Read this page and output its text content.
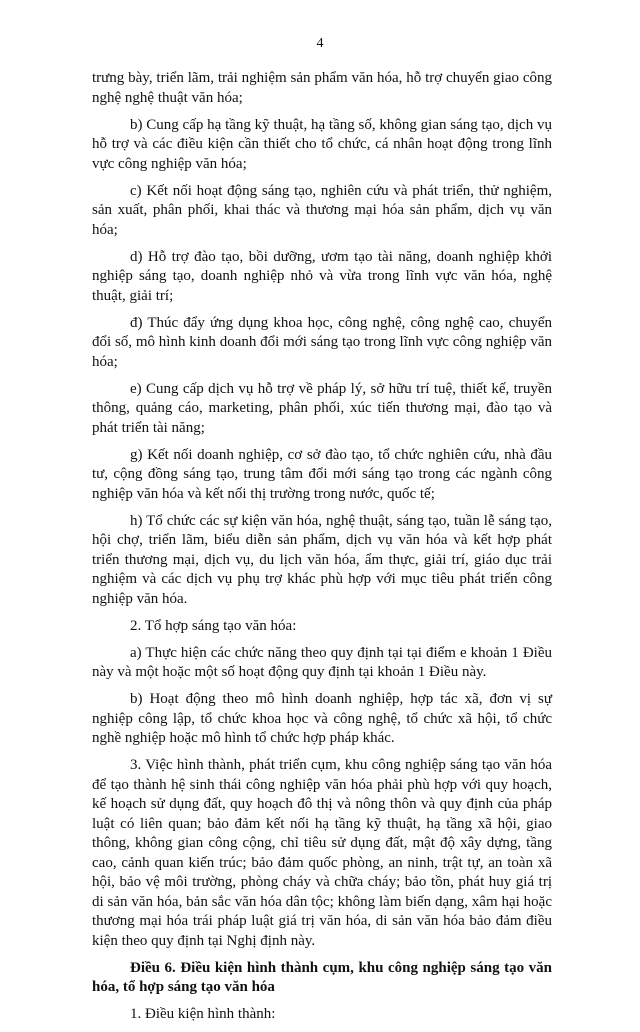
4

trưng bày, triển lãm, trải nghiệm sản phẩm văn hóa, hỗ trợ chuyển giao công nghệ nghệ thuật văn hóa;

b) Cung cấp hạ tầng kỹ thuật, hạ tầng số, không gian sáng tạo, dịch vụ hỗ trợ và các điều kiện cần thiết cho tổ chức, cá nhân hoạt động trong lĩnh vực công nghiệp văn hóa;

c) Kết nối hoạt động sáng tạo, nghiên cứu và phát triển, thử nghiệm, sản xuất, phân phối, khai thác và thương mại hóa sản phẩm, dịch vụ văn hóa;

d) Hỗ trợ đào tạo, bồi dưỡng, ươm tạo tài năng, doanh nghiệp khởi nghiệp sáng tạo, doanh nghiệp nhỏ và vừa trong lĩnh vực văn hóa, nghệ thuật, giải trí;

đ) Thúc đẩy ứng dụng khoa học, công nghệ, công nghệ cao, chuyển đổi số, mô hình kinh doanh đổi mới sáng tạo trong lĩnh vực công nghiệp văn hóa;

e) Cung cấp dịch vụ hỗ trợ về pháp lý, sở hữu trí tuệ, thiết kế, truyền thông, quảng cáo, marketing, phân phối, xúc tiến thương mại, đào tạo và phát triển tài năng;

g) Kết nối doanh nghiệp, cơ sở đào tạo, tổ chức nghiên cứu, nhà đầu tư, cộng đồng sáng tạo, trung tâm đổi mới sáng tạo trong các ngành công nghiệp văn hóa và kết nối thị trường trong nước, quốc tế;

h) Tổ chức các sự kiện văn hóa, nghệ thuật, sáng tạo, tuần lễ sáng tạo, hội chợ, triển lãm, biểu diễn sản phẩm, dịch vụ văn hóa và kết hợp phát triển thương mại, dịch vụ, du lịch văn hóa, ẩm thực, giải trí, giáo dục trải nghiệm và các dịch vụ phụ trợ khác phù hợp với mục tiêu phát triển công nghiệp văn hóa.

2. Tổ hợp sáng tạo văn hóa:

a) Thực hiện các chức năng theo quy định tại tại điểm e khoản 1 Điều này và một hoặc một số hoạt động quy định tại khoản 1 Điều này.

b) Hoạt động theo mô hình doanh nghiệp, hợp tác xã, đơn vị sự nghiệp công lập, tổ chức khoa học và công nghệ, tổ chức xã hội, tổ chức nghề nghiệp hoặc mô hình tổ chức hợp pháp khác.

3. Việc hình thành, phát triển cụm, khu công nghiệp sáng tạo văn hóa để tạo thành hệ sinh thái công nghiệp văn hóa phải phù hợp với quy hoạch, kế hoạch sử dụng đất, quy hoạch đô thị và nông thôn và quy định của pháp luật có liên quan; bảo đảm kết nối hạ tầng kỹ thuật, hạ tầng xã hội, giao thông, không gian công cộng, chỉ tiêu sử dụng đất, mật độ xây dựng, tầng cao, cảnh quan kiến trúc; bảo đảm quốc phòng, an ninh, trật tự, an toàn xã hội, bảo vệ môi trường, phòng cháy và chữa cháy; bảo tồn, phát huy giá trị di sản văn hóa, bản sắc văn hóa dân tộc; không làm biến dạng, xâm hại hoặc thương mại hóa trái pháp luật giá trị văn hóa, di sản văn hóa bảo đảm điều kiện theo quy định tại Nghị định này.

Điều 6. Điều kiện hình thành cụm, khu công nghiệp sáng tạo văn hóa, tổ hợp sáng tạo văn hóa

1. Điều kiện hình thành:
